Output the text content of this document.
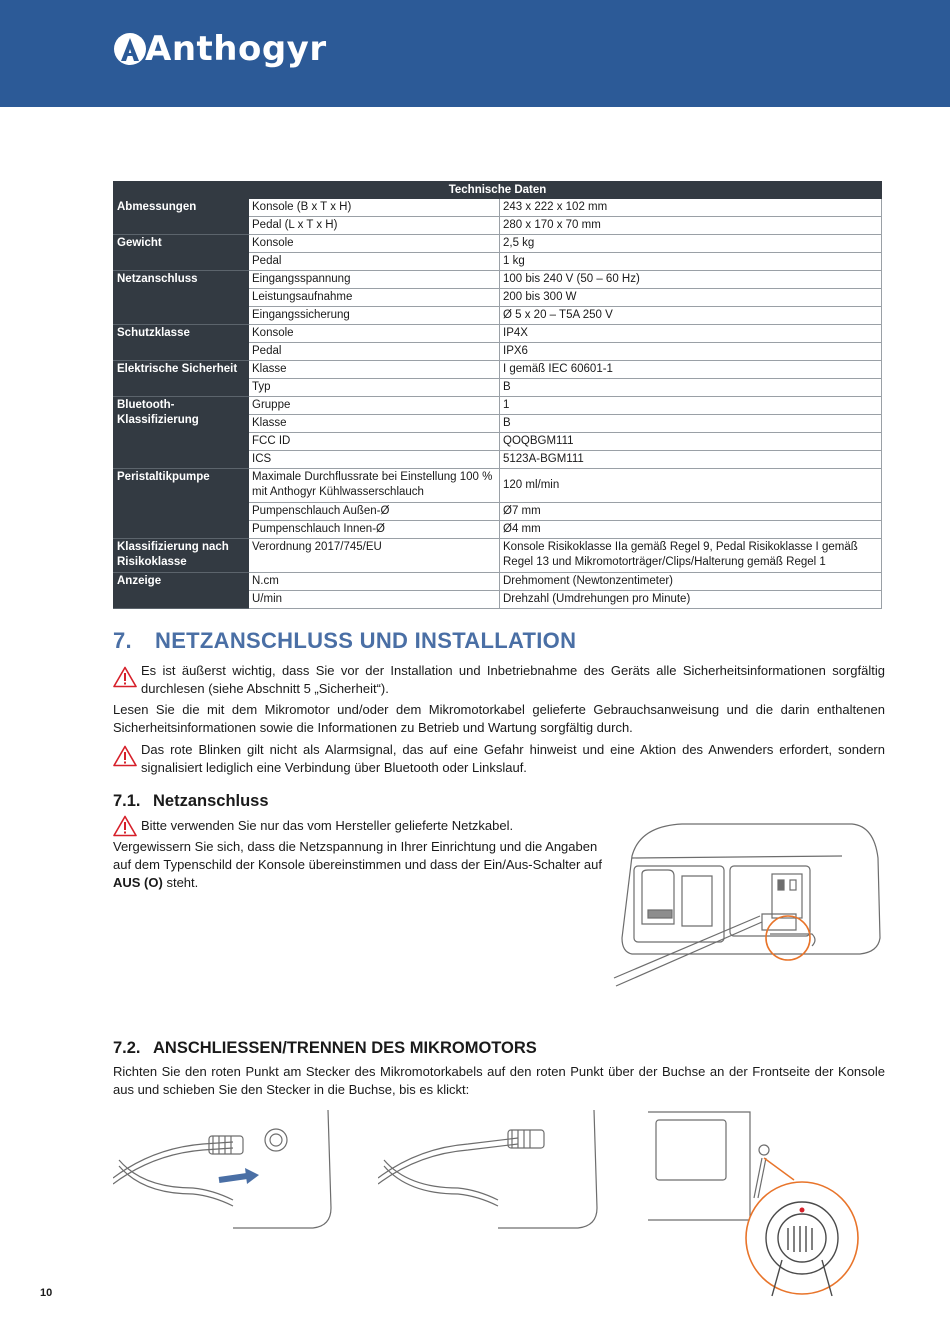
Anthogyr
Technische Daten		
Abmessungen	Konsole (B x T x H)	243 x 222 x 102 mm
	Pedal (L x T x H)	280 x 170 x 70 mm
Gewicht	Konsole	2,5 kg
	Pedal	1 kg
Netzanschluss	Eingangsspannung	100 bis 240 V (50 – 60 Hz)
	Leistungsaufnahme	200 bis 300 W
	Eingangssicherung	Ø 5 x 20 – T5A 250 V
Schutzklasse	Konsole	IP4X
	Pedal	IPX6
Elektrische Sicherheit	Klasse	I gemäß IEC 60601-1
	Typ	B
Bluetooth-Klassifizierung	Gruppe	1
	Klasse	B
	FCC ID	QOQBGM111
	ICS	5123A-BGM111
Peristaltikpumpe	Maximale Durchflussrate bei Einstellung 100 % mit Anthogyr Kühlwasserschlauch	120 ml/min
	Pumpenschlauch Außen-Ø	Ø7 mm
	Pumpenschlauch Innen-Ø	Ø4 mm
Klassifizierung nach Risikoklasse	Verordnung 2017/745/EU	Konsole Risikoklasse IIa gemäß Regel 9, Pedal Risikoklasse I gemäß Regel 13 und Mikromotorträger/Clips/Halterung gemäß Regel 1
Anzeige	N.cm	Drehmoment (Newtonzentimeter)
	U/min	Drehzahl (Umdrehungen pro Minute)
7. NETZANSCHLUSS UND INSTALLATION
Es ist äußerst wichtig, dass Sie vor der Installation und Inbetriebnahme des Geräts alle Sicherheitsinformationen sorgfältig durchlesen (siehe Abschnitt 5 „Sicherheit“).
Lesen Sie die mit dem Mikromotor und/oder dem Mikromotorkabel gelieferte Gebrauchsanweisung und die darin enthaltenen Sicherheitsinformationen sowie die Informationen zu Betrieb und Wartung sorgfältig durch.
Das rote Blinken gilt nicht als Alarmsignal, das auf eine Gefahr hinweist und eine Aktion des Anwenders erfordert, sondern signalisiert lediglich eine Verbindung über Bluetooth oder Linkslauf.
7.1. Netzanschluss
Bitte verwenden Sie nur das vom Hersteller gelieferte Netzkabel.
Vergewissern Sie sich, dass die Netzspannung in Ihrer Einrichtung und die Angaben auf dem Typenschild der Konsole übereinstimmen und dass der Ein/Aus-Schalter auf AUS (O) steht.
7.2. ANSCHLIESSEN/TRENNEN DES MIKROMOTORS
Richten Sie den roten Punkt am Stecker des Mikromotorkabels auf den roten Punkt über der Buchse an der Frontseite der Konsole aus und schieben Sie den Stecker in die Buchse, bis es klickt:
10
